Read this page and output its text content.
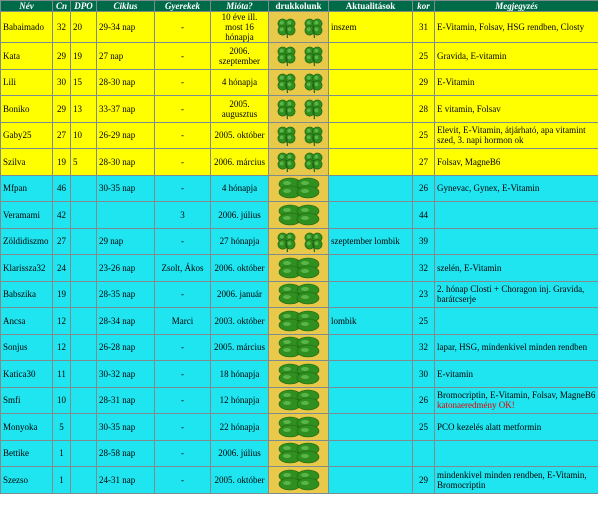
Név	Cn	DPO	Ciklus	Gyerekek	Mióta?	drukkolunk	Aktualitások	kor	Megjegyzés
Babaimado	32	20	29-34 nap	-	10 éve ill. most 16 hónapja		inszem	31	E-Vitamin, Folsav, HSG rendben, Closty
Kata	29	19	27 nap	-	2006. szeptember			25	Gravida, E-vitamin
Lili	30	15	28-30 nap	-	4 hónapja			29	E-Vitamin
Boniko	29	13	33-37 nap	-	2005. augusztus			28	E vitamin, Folsav
Gaby25	27	10	26-29 nap	-	2005. október			25	Elevit, E-Vitamin, átjárható, apa vitamint szed, 3. napi hormon ok
Szilva	19	5	28-30 nap	-	2006. március			27	Folsav, MagneB6
Mfpan	46		30-35 nap	-	4 hónapja			26	Gynevac, Gynex, E-Vitamin
Veramami	42			3	2006. július			44	
Zöldidiszmo	27		29 nap	-	27 hónapja		szeptember lombik	39	
Klarissza32	24		23-26 nap	Zsolt, Ákos	2006. október			32	szelén, E-Vitamin
Babszika	19		28-35 nap	-	2006. január			23	2. hónap Closti + Choragon inj. Gravida, barátcserje
Ancsa	12		28-34 nap	Marci	2003. október		lombik	25	
Sonjus	12		26-28 nap	-	2005. március			32	lapar, HSG, mindenkivel minden rendben
Katica30	11		30-32 nap	-	18 hónapja			30	E-vitamin
Smfi	10		28-31 nap	-	12 hónapja			26	Bromocriptin, E-Vitamin, Folsav, MagneB6 katonaeredmény OK!
Monyoka	5		30-35 nap	-	22 hónapja			25	PCO kezelés alatt metformin
Bettike	1		28-58 nap	-	2006. július	

Szezso	1		24-31 nap	-	2005. október			29	mindenkivel minden rendben, E-Vitamin, Bromocriptin
